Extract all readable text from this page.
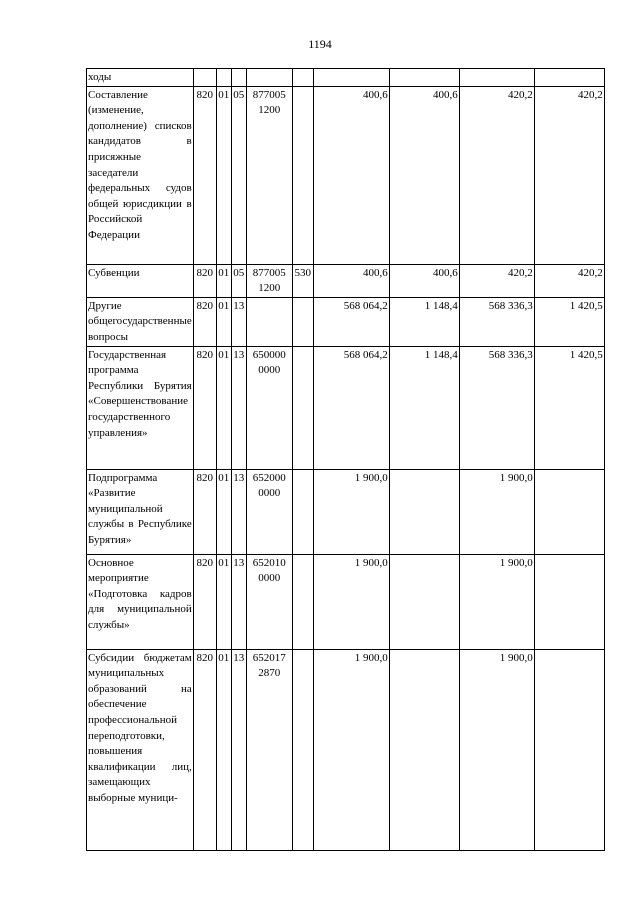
1194
ходы									
Составление (изменение, дополнение) списков кандидатов в присяжные заседатели федеральных судов общей юрисдикции в Российской Федерации	820	01	05	877005 1200		400,6	400,6	420,2	420,2
Субвенции	820	01	05	877005 1200	530	400,6	400,6	420,2	420,2
Другие общегосударственные вопросы	820	01	13			568 064,2	1 148,4	568 336,3	1 420,5
Государственная программа Республики Бурятия «Совершенствование государственного управления»	820	01	13	650000 0000		568 064,2	1 148,4	568 336,3	1 420,5
Подпрограмма «Развитие муниципальной службы в Республике Бурятия»	820	01	13	652000 0000		1 900,0		1 900,0	
Основное мероприятие «Подготовка кадров для муниципальной службы»	820	01	13	652010 0000		1 900,0		1 900,0	
Субсидии бюджетам муниципальных образований на обеспечение профессиональной переподготовки, повышения квалификации лиц, замещающих выборные муници-	820	01	13	652017 2870		1 900,0		1 900,0	
